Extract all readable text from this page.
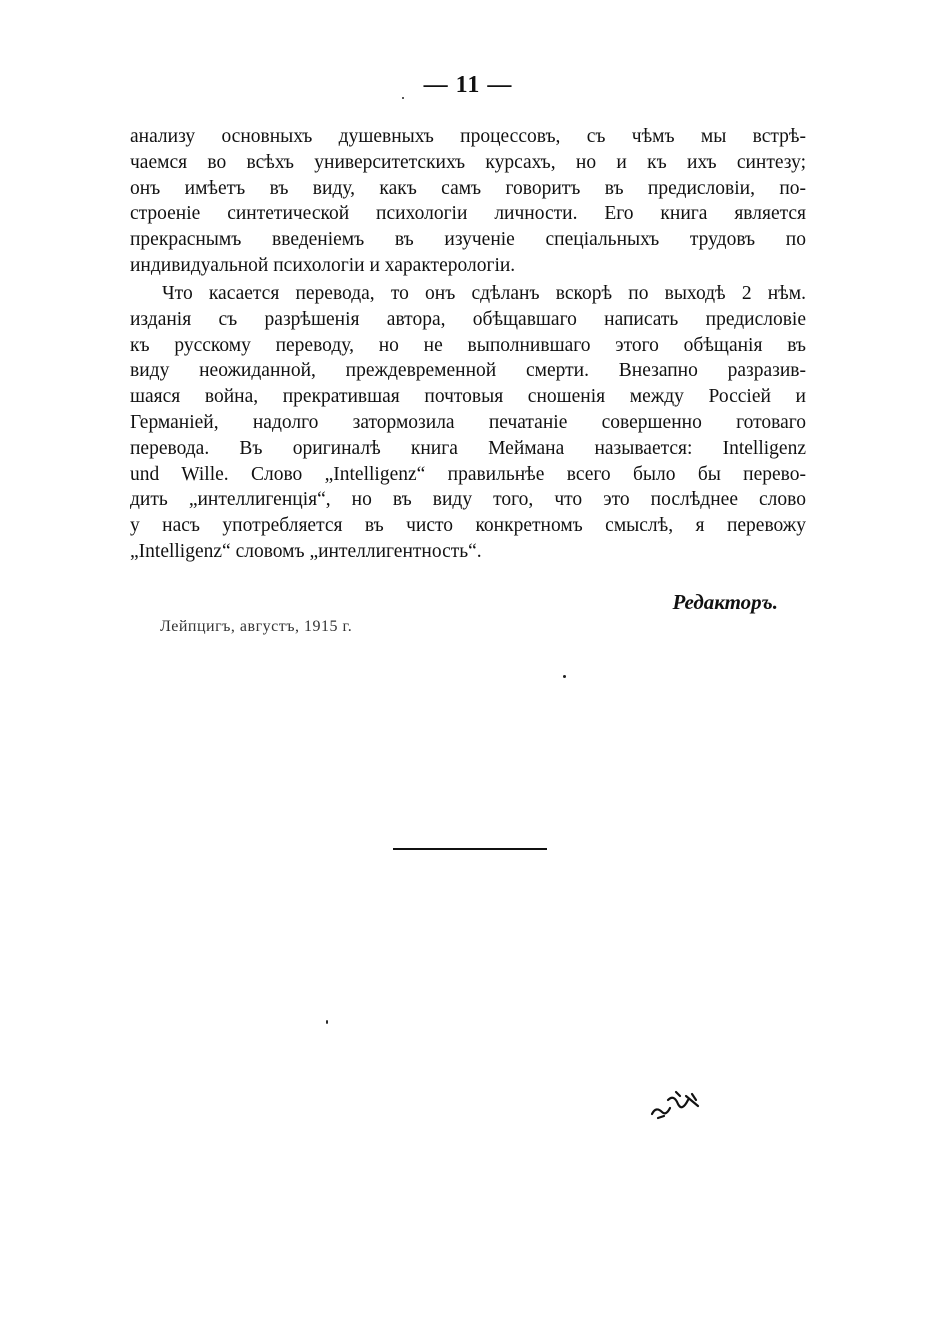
— 11 —
анализу основныхъ душевныхъ процессовъ, съ чѣмъ мы встрѣ-
чаемся во всѣхъ университетскихъ курсахъ, но и къ ихъ синтезу;
онъ имѣетъ въ виду, какъ самъ говоритъ въ предисловіи, по-
строеніе синтетической психологіи личности. Его книга является
прекраснымъ введеніемъ въ изученіе спеціальныхъ трудовъ по
индивидуальной психологіи и характерологіи.
Что касается перевода, то онъ сдѣланъ вскорѣ по выходѣ 2 нѣм.
изданія съ разрѣшенія автора, обѣщавшаго написать предисловіе
къ русскому переводу, но не выполнившаго этого обѣщанія въ
виду неожиданной, преждевременной смерти. Внезапно разразив-
шаяся война, прекратившая почтовыя сношенія между Россіей и
Германіей, надолго затормозила печатаніе совершенно готоваго
перевода. Въ оригиналѣ книга Меймана называется: Intelligenz
und Wille. Слово „Intelligenz“ правильнѣе всего было бы перево-
дить „интеллигенція“, но въ виду того, что это послѣднее слово
у насъ употребляется въ чисто конкретномъ смыслѣ, я перевожу
„Intelligenz“ словомъ „интеллигентность“.
Редакторъ.
Лейпцигъ, августъ, 1915 г.
